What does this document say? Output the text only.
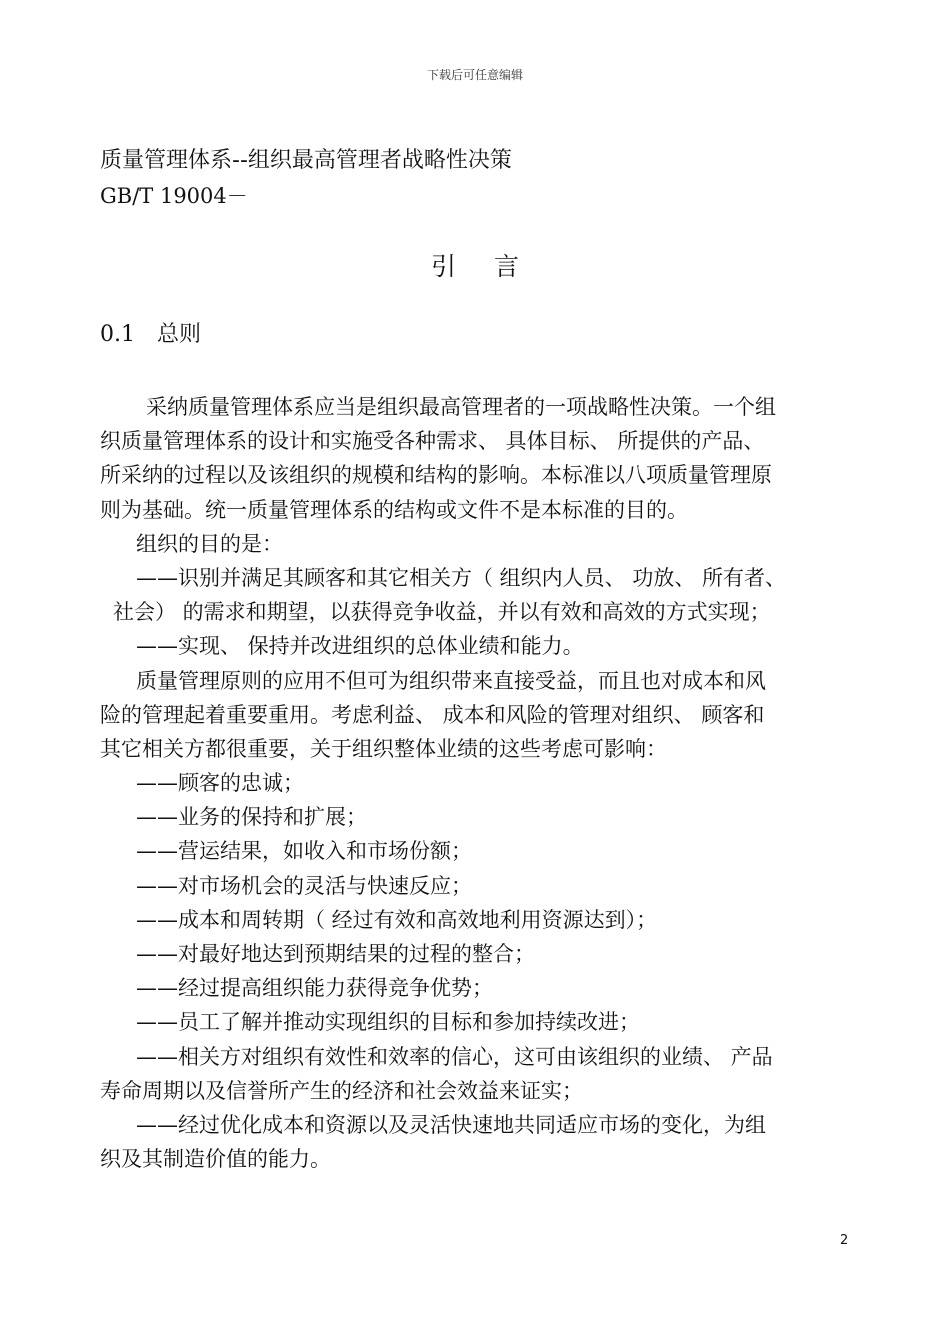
下载后可任意编辑
质量管理体系--组织最高管理者战略性决策
GB/T 19004－
引言
0.1 总则
采纳质量管理体系应当是组织最高管理者的一项战略性决策。一个组
织质量管理体系的设计和实施受各种需求、 具体目标、 所提供的产品、
所采纳的过程以及该组织的规模和结构的影响。本标准以八项质量管理原
则为基础。统一质量管理体系的结构或文件不是本标准的目的。
组织的目的是：
——识别并满足其顾客和其它相关方（ 组织内人员、 功放、 所有者、
社会） 的需求和期望，以获得竞争收益，并以有效和高效的方式实现；
——实现、 保持并改进组织的总体业绩和能力。
质量管理原则的应用不但可为组织带来直接受益，而且也对成本和风
险的管理起着重要重用。考虑利益、 成本和风险的管理对组织、 顾客和
其它相关方都很重要，关于组织整体业绩的这些考虑可影响：
——顾客的忠诚；
——业务的保持和扩展；
——营运结果，如收入和市场份额；
——对市场机会的灵活与快速反应；
——成本和周转期（ 经过有效和高效地利用资源达到）；
——对最好地达到预期结果的过程的整合；
——经过提高组织能力获得竞争优势；
——员工了解并推动实现组织的目标和参加持续改进；
——相关方对组织有效性和效率的信心，这可由该组织的业绩、 产品
寿命周期以及信誉所产生的经济和社会效益来证实；
——经过优化成本和资源以及灵活快速地共同适应市场的变化，为组
织及其制造价值的能力。
2
